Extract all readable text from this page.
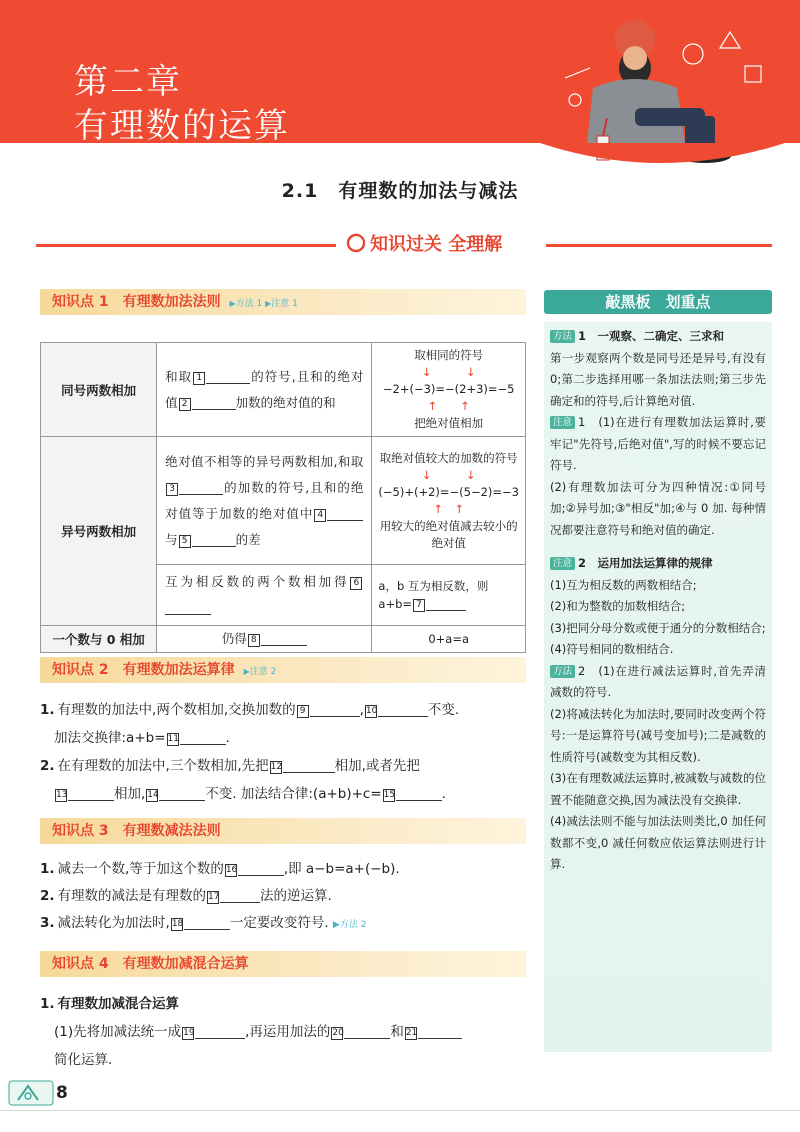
第二章
有理数的运算
2.1　有理数的加法与减法
知识过关 全理解
知识点 1　有理数加法法则 ▶方法 1 ▶注意 1
同号两数相加	和取 1 的符号,且和的绝对值 2 加数的绝对值的和	取相同的符号
↓　　　↓
−2+(−3)=−(2+3)=−5
↑　　↑
把绝对值相加

异号两数相加	绝对值不相等的异号两数相加,和取3 的加数的符号,且和的绝对值等于加数的绝对值中 4与 5 的差	取绝对值较大的加数的符号
↓　　　↓
(−5)+(+2)=−(5−2)=−3
↑　↑
用较大的绝对值减去较小的绝对值

	互为相反数的两个数相加得 6	a，b 互为相反数，则 a+b= 7
一个数与 0 相加	仍得 8	0+a=a
知识点 2　有理数加法运算律 ▶注意 2

1. 有理数的加法中,两个数相加,交换加数的 9	, 10	不变.

加法交换律:a+b= 11	.

2. 在有理数的加法中,三个数相加,先把 12	相加,或者先把

13	相加, 14	不变. 加法结合律:(a+b)+c= 15	.

知识点 3　有理数减法法则

1. 减去一个数,等于加这个数的 16	,即 a−b=a+(−b).

2. 有理数的减法是有理数的 17	法的逆运算.

3. 减法转化为加法时, 18	一定要改变符号. ▶方法 2

知识点 4　有理数加减混合运算

1. 有理数加减混合运算

(1)先将加减法统一成 19	,再运用加法的 20	和 21

简化运算.

敲黑板　划重点

方法 1　一观察、二确定、三求和

第一步观察两个数是同号还是异号,有没有 0;第二步选择用哪一条加法法则;第三步先确定和的符号,后计算绝对值.

注意 1　(1)在进行有理数加法运算时,要牢记"先符号,后绝对值",写的时候不要忘记符号.

(2)有理数加法可分为四种情况:①同号加;②异号加;③"相反"加;④与 0 加. 每种情况都要注意符号和绝对值的确定.

注意 2　运用加法运算律的规律

(1)互为相反数的两数相结合;

(2)和为整数的加数相结合;

(3)把同分母分数或便于通分的分数相结合;

(4)符号相同的数相结合.

方法 2　(1)在进行减法运算时,首先弄清减数的符号.

(2)将减法转化为加法时,要同时改变两个符号:一是运算符号(减号变加号);二是减数的性质符号(减数变为其相反数).

(3)在有理数减法运算时,被减数与减数的位置不能随意交换,因为减法没有交换律.

(4)减法法则不能与加法法则类比,0 加任何数都不变,0 减任何数应依运算法则进行计算.

8
